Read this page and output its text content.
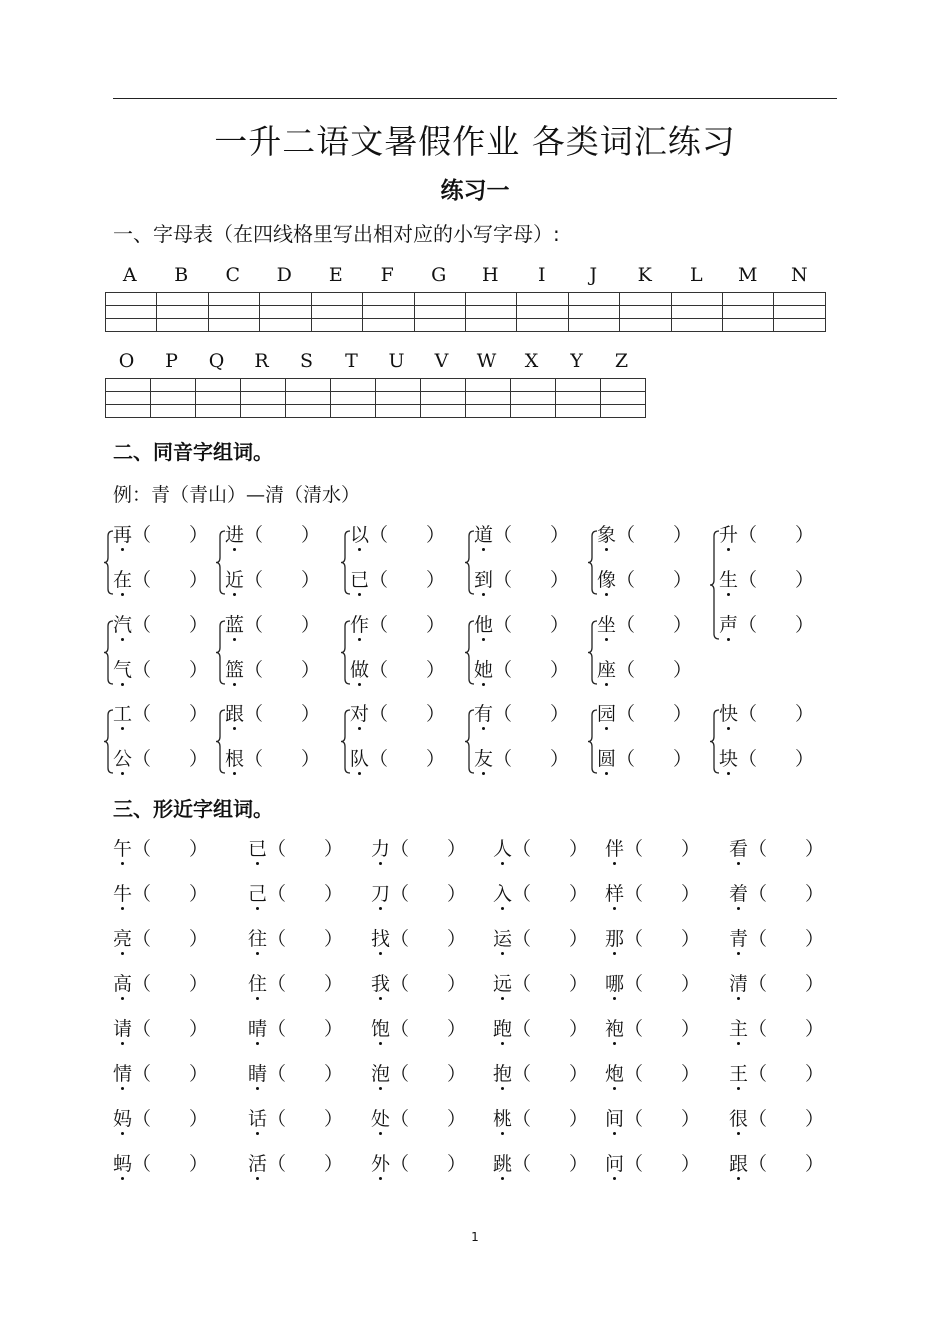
一升二语文暑假作业 各类词汇练习
练习一
一、字母表（在四线格里写出相对应的小写字母）:
A B C D E F G H I J K L M N

O P Q R S T U V W X Y Z

二、同音字组词。
例：青（青山）—清（清水）
再（　　）
在（　　）
进（　　）
近（　　）
以（　　）
已（　　）
道（　　）
到（　　）
象（　　）
像（　　）
升（　　）
生（　　）
声（　　）
汽（　　）
气（　　）
蓝（　　）
篮（　　）
作（　　）
做（　　）
他（　　）
她（　　）
坐（　　）
座（　　）
工（　　）
公（　　）
跟（　　）
根（　　）
对（　　）
队（　　）
有（　　）
友（　　）
园（　　）
圆（　　）
快（　　）
块（　　）
三、形近字组词。
午（　　） 已（　　） 力（　　） 人（　　） 伴（　　） 看（　　）
牛（　　） 己（　　） 刀（　　） 入（　　） 样（　　） 着（　　）
亮（　　） 往（　　） 找（　　） 运（　　） 那（　　） 青（　　）
高（　　） 住（　　） 我（　　） 远（　　） 哪（　　） 清（　　）
请（　　） 晴（　　） 饱（　　） 跑（　　） 袍（　　） 主（　　）
情（　　） 睛（　　） 泡（　　） 抱（　　） 炮（　　） 王（　　）
妈（　　） 话（　　） 处（　　） 桃（　　） 间（　　） 很（　　）
蚂（　　） 活（　　） 外（　　） 跳（　　） 问（　　） 跟（　　）
1
